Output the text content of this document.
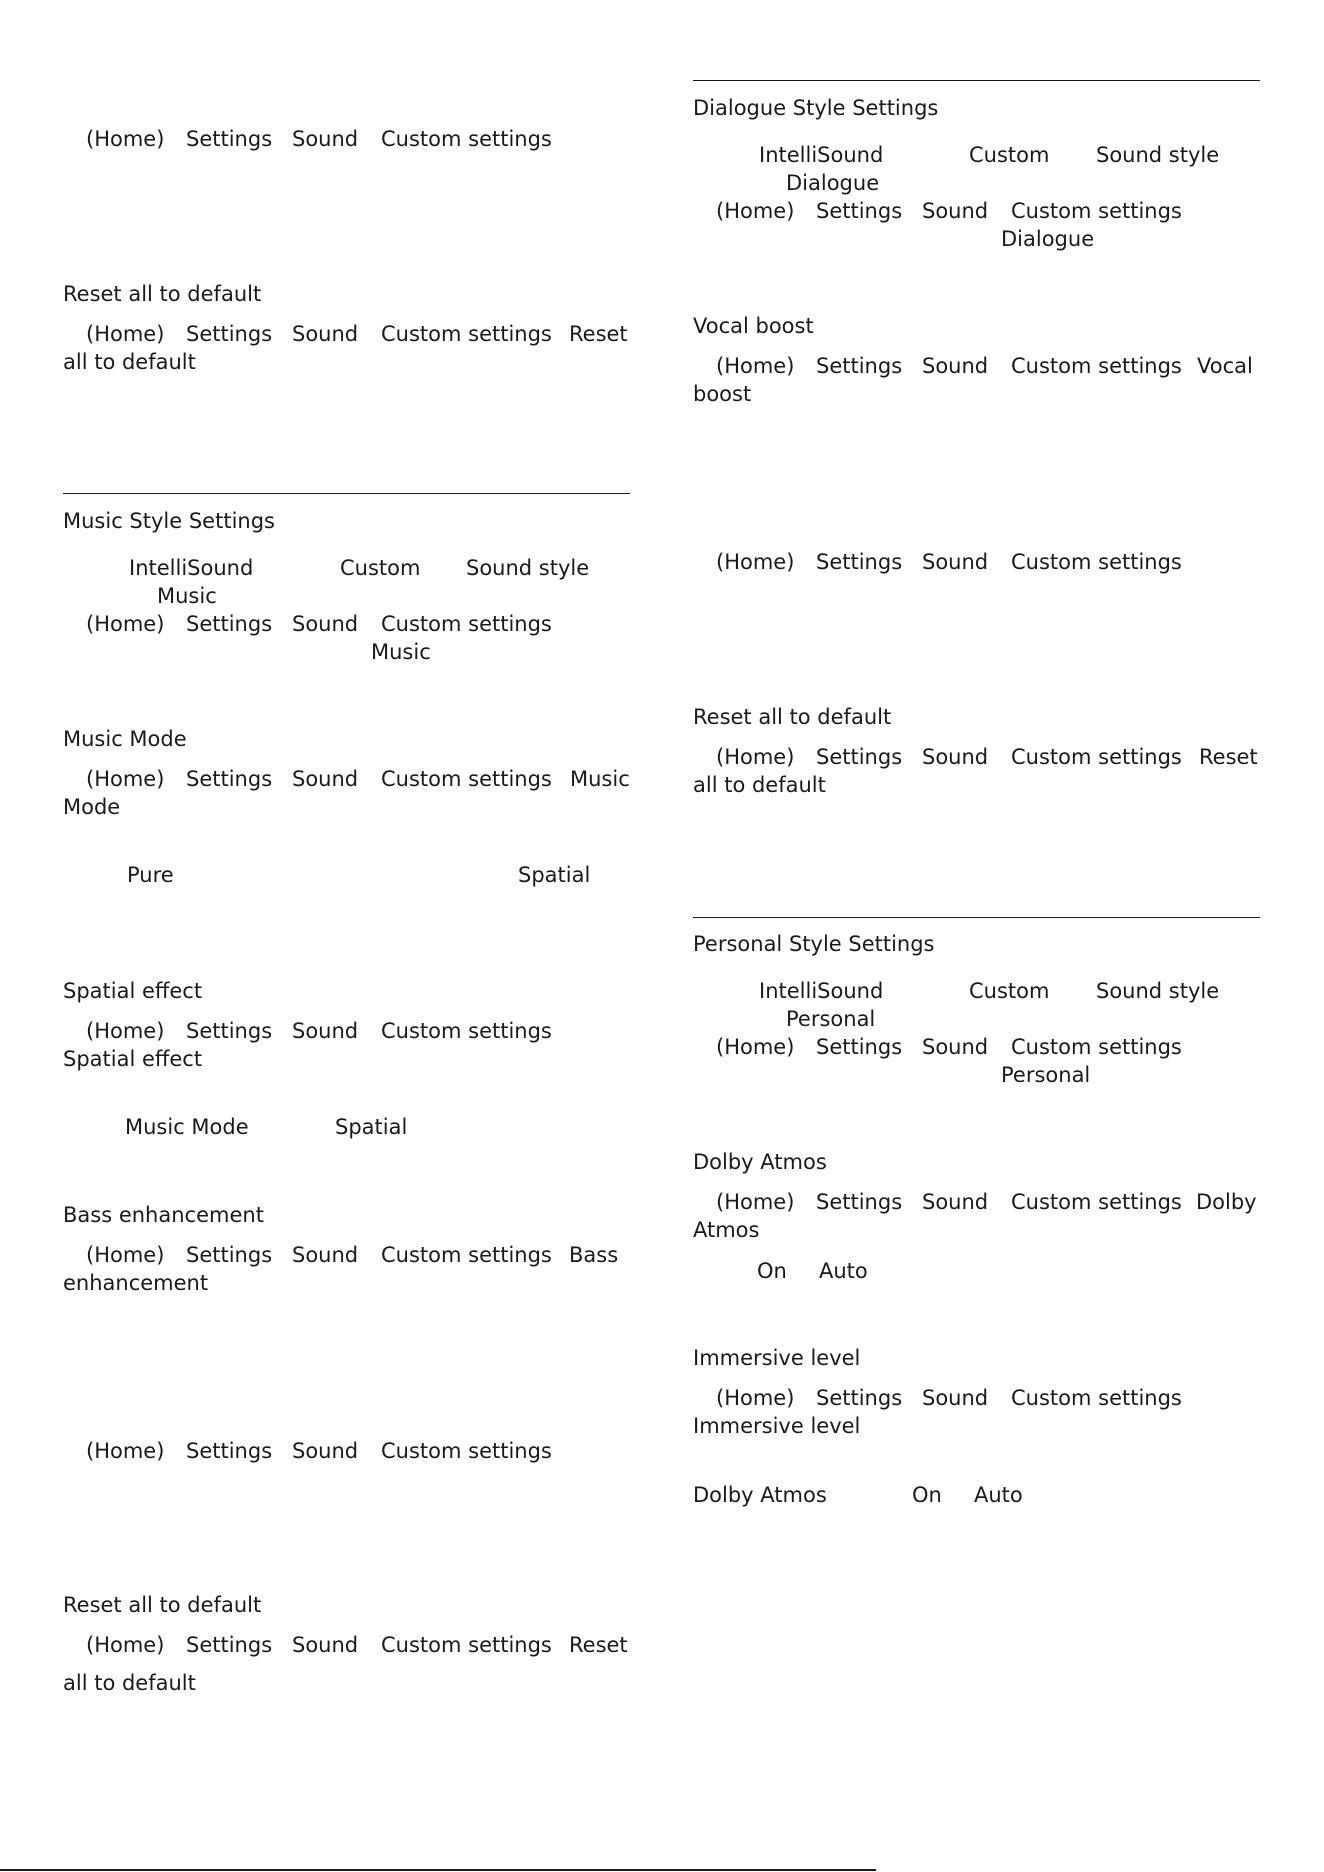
(Home) Settings Sound Custom settings
Reset all to default
(Home) Settings Sound Custom settings Reset
all to default
Music Style Settings
IntelliSound	Custom Sound style
Music
(Home) Settings Sound Custom settings
Music
Music Mode
(Home) Settings Sound Custom settings Music
Mode
Pure	Spatial
Spatial effect
(Home) Settings Sound Custom settings
Spatial effect
Music Mode	Spatial
Bass enhancement
(Home) Settings Sound Custom settings Bass
enhancement
(Home) Settings Sound Custom settings
Reset all to default
(Home) Settings Sound Custom settings Reset
all to default
Dialogue Style Settings
IntelliSound	Custom Sound style
Dialogue
(Home) Settings Sound Custom settings
Dialogue
Vocal boost
(Home) Settings Sound Custom settings Vocal
boost
(Home) Settings Sound Custom settings
Reset all to default
(Home) Settings Sound Custom settings Reset
all to default
Personal Style Settings
IntelliSound	Custom Sound style
Personal
(Home) Settings Sound Custom settings
Personal
Dolby Atmos
(Home) Settings Sound Custom settings Dolby
Atmos
On Auto
Immersive level
(Home) Settings Sound Custom settings
Immersive level
Dolby Atmos	On Auto
